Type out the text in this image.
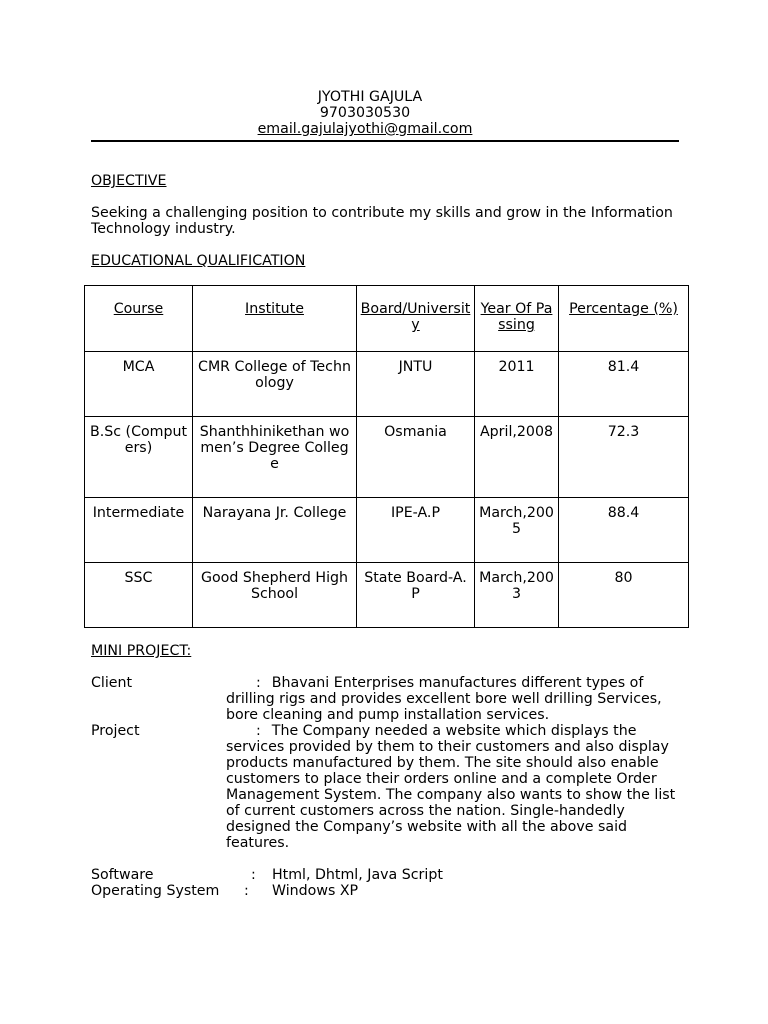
JYOTHI GAJULA
9703030530
email.gajulajyothi@gmail.com
OBJECTIVE
Seeking a challenging position to contribute my skills and grow in the Information Technology industry.
EDUCATIONAL QUALIFICATION
Course	Institute	Board/University	Year Of Passing	Percentage (%)
MCA	CMR College of Technology	JNTU	2011	81.4
B.Sc (Computers)	Shanthhinikethan women’s Degree College	Osmania	April,2008	72.3
Intermediate	Narayana Jr. College	IPE-A.P	March,2005	88.4
SSC	Good Shepherd High School	State Board-A.P	March,2003	80
MINI PROJECT:
Client	: Bhavani Enterprises manufactures different types of drilling rigs and provides excellent bore well drilling Services, bore cleaning and pump installation services.
Project	: The Company needed a website which displays the services provided by them to their customers and also display products manufactured by them. The site should also enable customers to place their orders online and a complete Order Management System. The company also wants to show the list of current customers across the nation. Single-handedly designed the Company’s website with all the above said features.
Software	: Html, Dhtml, Java Script
Operating System : Windows XP
